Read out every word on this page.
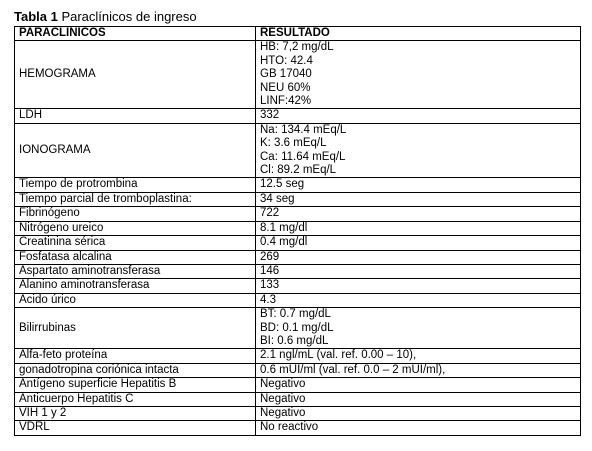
Tabla 1 Paraclínicos de ingreso
PARACLINICOS	RESULTADO
HEMOGRAMA	HB: 7,2 mg/dL
HTO: 42.4
GB 17040
NEU 60%
LINF:42%

LDH	332

IONOGRAMA	Na: 134.4 mEq/L
K: 3.6 mEq/L
Ca: 11.64 mEq/L
Cl: 89.2 mEq/L

Tiempo de protrombina	12.5 seg

Tiempo parcial de tromboplastina:	34 seg

Fibrinógeno	722

Nitrógeno ureico	8.1 mg/dl

Creatinina sérica	0.4 mg/dl

Fosfatasa alcalina	269

Aspartato aminotransferasa	146

Alanino aminotransferasa	133

Ácido úrico	4.3

Bilirrubinas	BT: 0.7 mg/dL
BD: 0.1 mg/dL
BI: 0.6 mg/dL

Alfa-feto proteína	2.1 ngl/mL (val. ref. 0.00 – 10),

gonadotropina coriónica intacta	0.6 mUI/ml (val. ref. 0.0 – 2 mUI/ml),

Antígeno superficie Hepatitis B	Negativo

Anticuerpo Hepatitis C	Negativo

VIH 1 y 2	Negativo

VDRL	No reactivo
